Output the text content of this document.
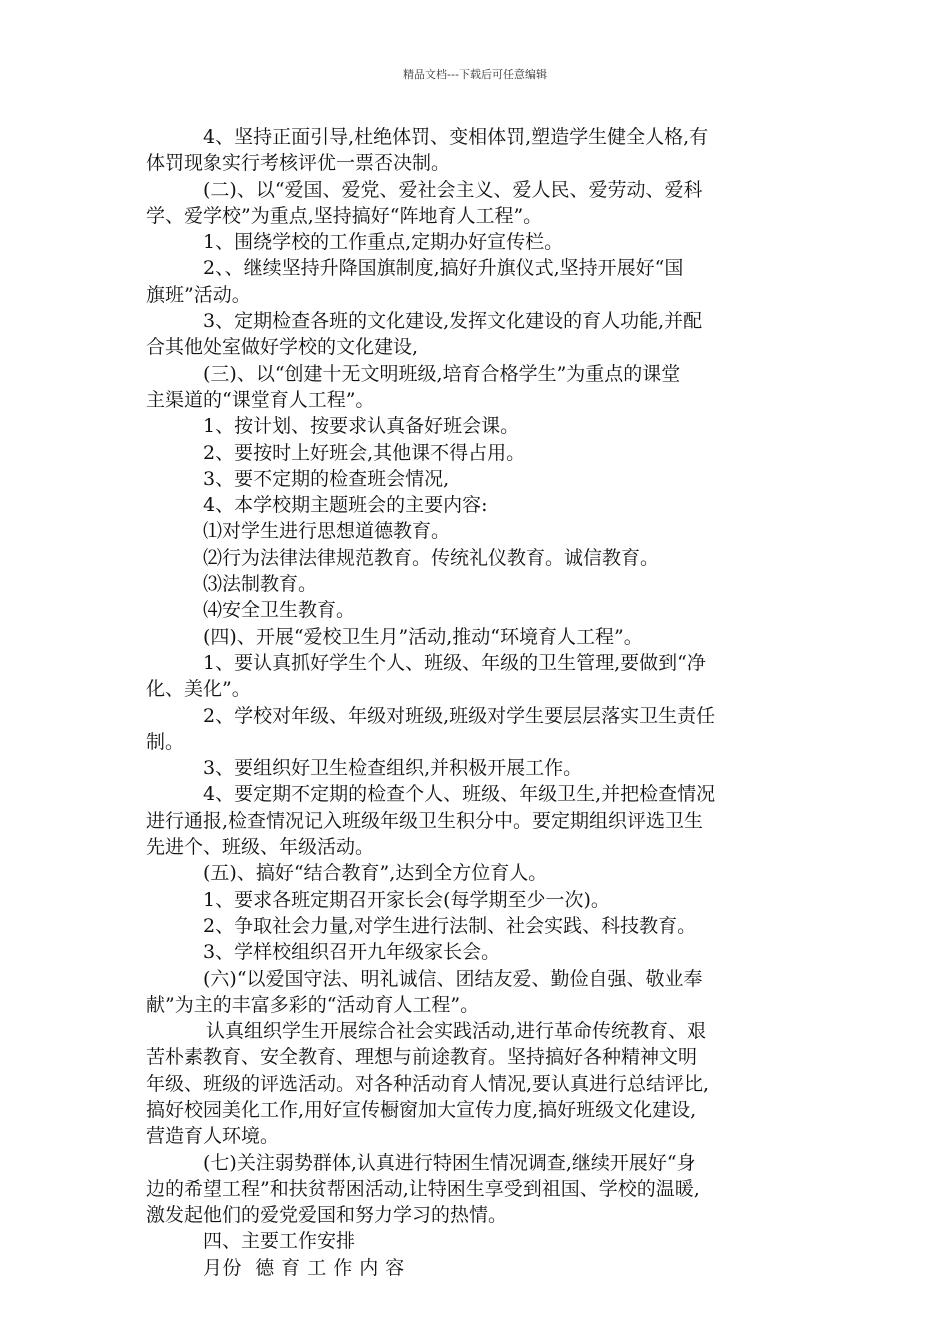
精品文档---下载后可任意编辑
4、坚持正面引导,杜绝体罚、变相体罚,塑造学生健全人格,有
体罚现象实行考核评优一票否决制。
(二)、以“爱国、爱党、爱社会主义、爱人民、爱劳动、爱科
学、爱学校”为重点,坚持搞好“阵地育人工程”。
1、围绕学校的工作重点,定期办好宣传栏。
2、、继续坚持升降国旗制度,搞好升旗仪式,坚持开展好“国
旗班”活动。
3、定期检查各班的文化建设,发挥文化建设的育人功能,并配
合其他处室做好学校的文化建设,
(三)、以“创建十无文明班级,培育合格学生”为重点的课堂
主渠道的“课堂育人工程”。
1、按计划、按要求认真备好班会课。
2、要按时上好班会,其他课不得占用。
3、要不定期的检查班会情况,
4、本学校期主题班会的主要内容:
⑴对学生进行思想道德教育。
⑵行为法律法律规范教育。传统礼仪教育。诚信教育。
⑶法制教育。
⑷安全卫生教育。
(四)、开展“爱校卫生月”活动,推动“环境育人工程”。
1、要认真抓好学生个人、班级、年级的卫生管理,要做到“净
化、美化”。
2、学校对年级、年级对班级,班级对学生要层层落实卫生责任
制。
3、要组织好卫生检查组织,并积极开展工作。
4、要定期不定期的检查个人、班级、年级卫生,并把检查情况
进行通报,检查情况记入班级年级卫生积分中。要定期组织评选卫生
先进个、班级、年级活动。
(五)、搞好“结合教育”,达到全方位育人。
1、要求各班定期召开家长会(每学期至少一次)。
2、争取社会力量,对学生进行法制、社会实践、科技教育。
3、学样校组织召开九年级家长会。
(六)“以爱国守法、明礼诚信、团结友爱、勤俭自强、敬业奉
献”为主的丰富多彩的“活动育人工程”。
认真组织学生开展综合社会实践活动,进行革命传统教育、艰
苦朴素教育、安全教育、理想与前途教育。坚持搞好各种精神文明
年级、班级的评选活动。对各种活动育人情况,要认真进行总结评比,
搞好校园美化工作,用好宣传橱窗加大宣传力度,搞好班级文化建设,
营造育人环境。
(七)关注弱势群体,认真进行特困生情况调查,继续开展好“身
边的希望工程”和扶贫帮困活动,让特困生享受到祖国、学校的温暖,
激发起他们的爱党爱国和努力学习的热情。
四、主要工作安排
月份 德 育 工 作 内 容
